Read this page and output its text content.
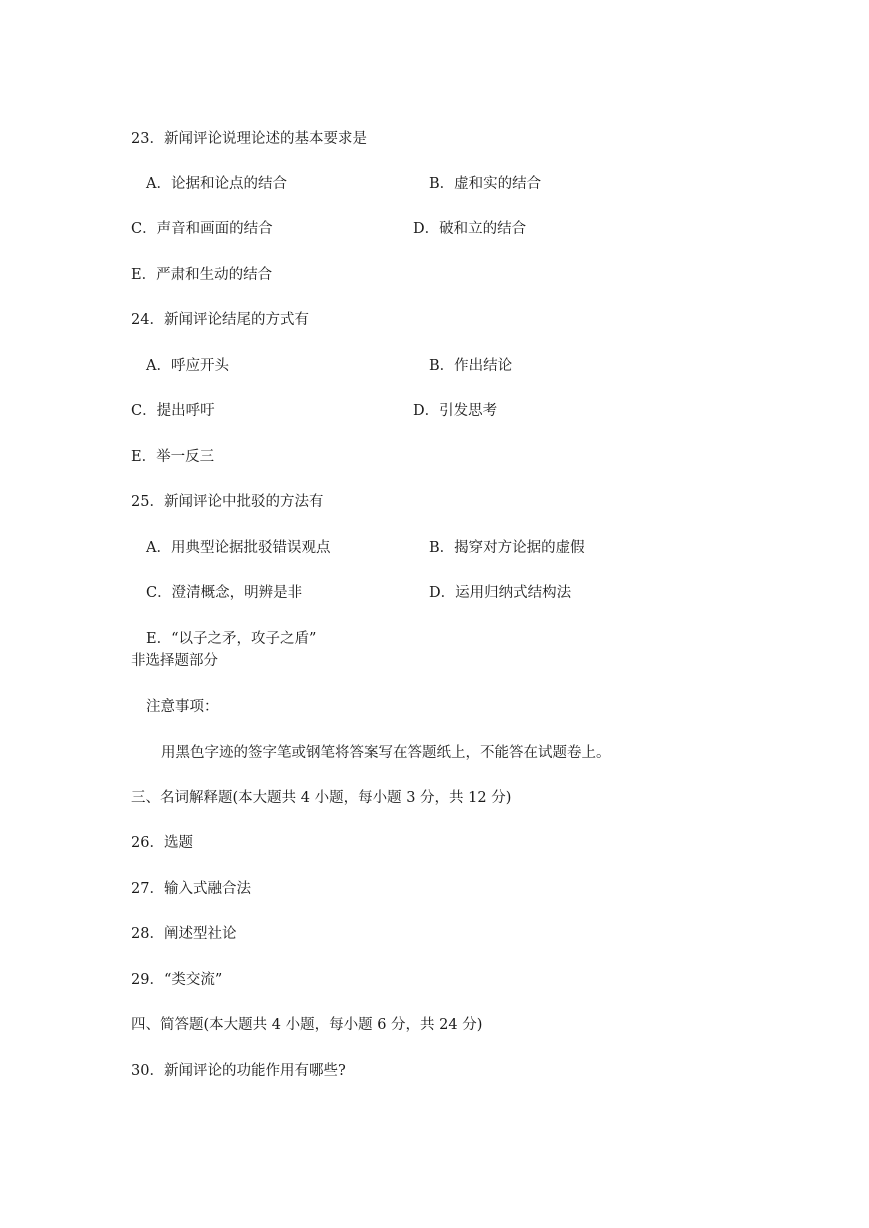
23．新闻评论说理论述的基本要求是
A．论据和论点的结合	B．虚和实的结合
C．声音和画面的结合	D．破和立的结合
E．严肃和生动的结合
24．新闻评论结尾的方式有
A．呼应开头	B．作出结论
C．提出呼吁	D．引发思考
E．举一反三
25．新闻评论中批驳的方法有
A．用典型论据批驳错误观点	B．揭穿对方论据的虚假
C．澄清概念，明辨是非	D．运用归纳式结构法
E．“以子之矛，攻子之盾”
非选择题部分
注意事项：
用黑色字迹的签字笔或钢笔将答案写在答题纸上，不能答在试题卷上。
三、名词解释题(本大题共 4 小题，每小题 3 分，共 12 分)
26．选题
27．输入式融合法
28．阐述型社论
29．“类交流”
四、简答题(本大题共 4 小题，每小题 6 分，共 24 分)
30．新闻评论的功能作用有哪些?
